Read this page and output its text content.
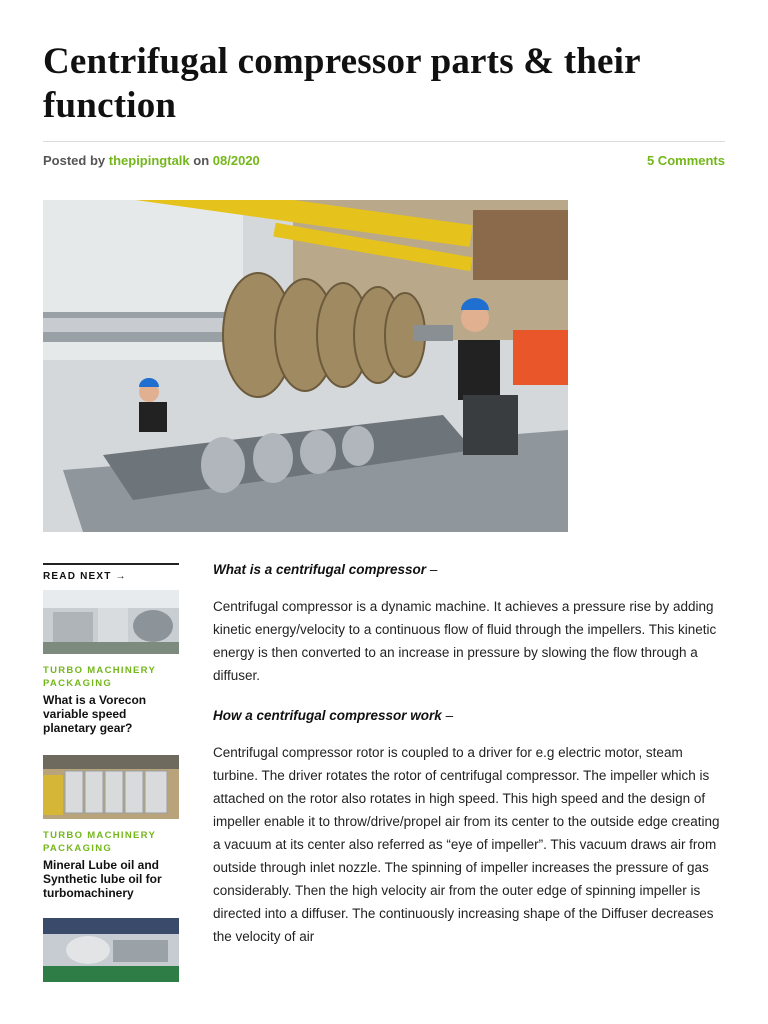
Centrifugal compressor parts & their function
Posted by thepipingtalk on 08/2020	5 Comments
READ NEXT →
TURBO MACHINERY PACKAGING
What is a Vorecon variable speed planetary gear?
TURBO MACHINERY PACKAGING
Mineral Lube oil and Synthetic lube oil for turbomachinery

What is a centrifugal compressor –

Centrifugal compressor is a dynamic machine. It achieves a pressure rise by adding kinetic energy/velocity to a continuous flow of fluid through the impellers. This kinetic energy is then converted to an increase in pressure by slowing the flow through a diffuser.

How a centrifugal compressor work –

Centrifugal compressor rotor is coupled to a driver for e.g electric motor, steam turbine. The driver rotates the rotor of centrifugal compressor. The impeller which is attached on the rotor also rotates in high speed. This high speed and the design of impeller enable it to throw/drive/propel air from its center to the outside edge creating a vacuum at its center also referred as “eye of impeller”. This vacuum draws air from outside through inlet nozzle. The spinning of impeller increases the pressure of gas considerably. Then the high velocity air from the outer edge of spinning impeller is directed into a diffuser. The continuously increasing shape of the Diffuser decreases the velocity of air
